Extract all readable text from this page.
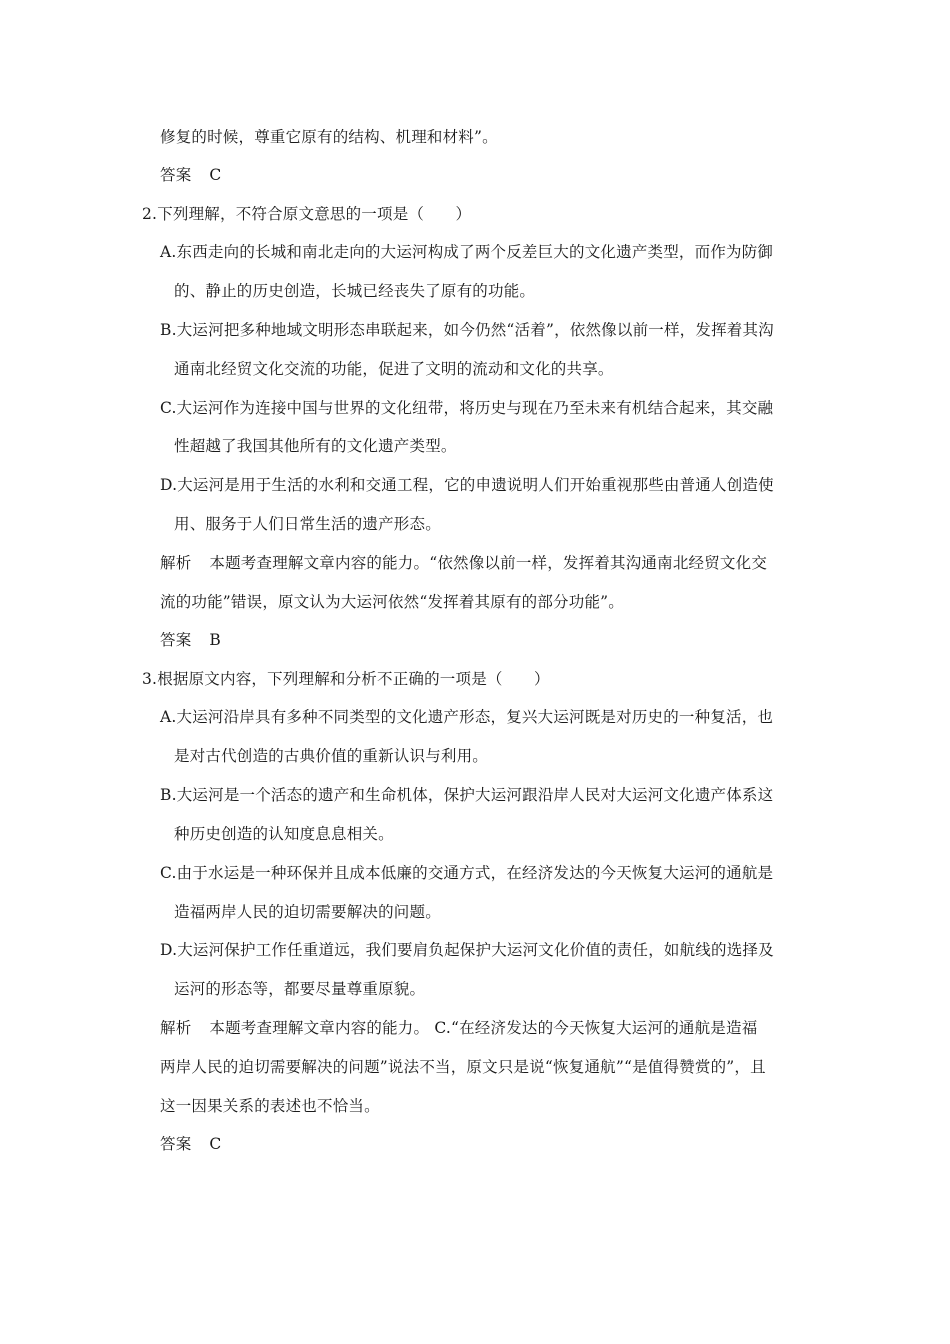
修复的时候，尊重它原有的结构、机理和材料”。
答案 C
2.下列理解，不符合原文意思的一项是（　　）
A.东西走向的长城和南北走向的大运河构成了两个反差巨大的文化遗产类型，而作为防御
的、静止的历史创造，长城已经丧失了原有的功能。
B.大运河把多种地域文明形态串联起来，如今仍然“活着”，依然像以前一样，发挥着其沟
通南北经贸文化交流的功能，促进了文明的流动和文化的共享。
C.大运河作为连接中国与世界的文化纽带，将历史与现在乃至未来有机结合起来，其交融
性超越了我国其他所有的文化遗产类型。
D.大运河是用于生活的水利和交通工程，它的申遗说明人们开始重视那些由普通人创造使
用、服务于人们日常生活的遗产形态。
解析 本题考查理解文章内容的能力。“依然像以前一样，发挥着其沟通南北经贸文化交
流的功能”错误，原文认为大运河依然“发挥着其原有的部分功能”。
答案 B
3.根据原文内容，下列理解和分析不正确的一项是（　　）
A.大运河沿岸具有多种不同类型的文化遗产形态，复兴大运河既是对历史的一种复活，也
是对古代创造的古典价值的重新认识与利用。
B.大运河是一个活态的遗产和生命机体，保护大运河跟沿岸人民对大运河文化遗产体系这
种历史创造的认知度息息相关。
C.由于水运是一种环保并且成本低廉的交通方式，在经济发达的今天恢复大运河的通航是
造福两岸人民的迫切需要解决的问题。
D.大运河保护工作任重道远，我们要肩负起保护大运河文化价值的责任，如航线的选择及
运河的形态等，都要尽量尊重原貌。
解析 本题考查理解文章内容的能力。 C.“在经济发达的今天恢复大运河的通航是造福
两岸人民的迫切需要解决的问题”说法不当，原文只是说“恢复通航”“是值得赞赏的”，且
这一因果关系的表述也不恰当。
答案 C
